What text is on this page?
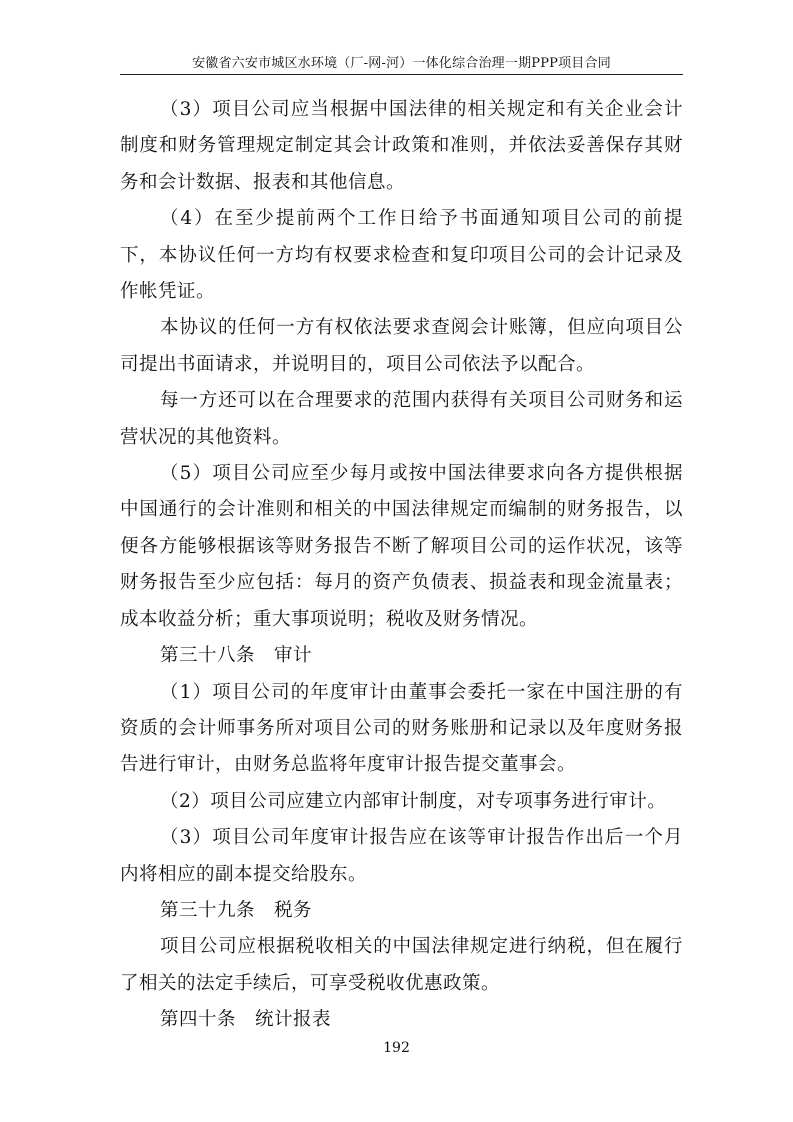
安徽省六安市城区水环境（厂-网-河）一体化综合治理一期PPP项目合同

（3）项目公司应当根据中国法律的相关规定和有关企业会计制度和财务管理规定制定其会计政策和准则，并依法妥善保存其财务和会计数据、报表和其他信息。

（4）在至少提前两个工作日给予书面通知项目公司的前提下，本协议任何一方均有权要求检查和复印项目公司的会计记录及作帐凭证。

本协议的任何一方有权依法要求查阅会计账簿，但应向项目公司提出书面请求，并说明目的，项目公司依法予以配合。

每一方还可以在合理要求的范围内获得有关项目公司财务和运营状况的其他资料。

（5）项目公司应至少每月或按中国法律要求向各方提供根据中国通行的会计准则和相关的中国法律规定而编制的财务报告，以便各方能够根据该等财务报告不断了解项目公司的运作状况，该等财务报告至少应包括：每月的资产负债表、损益表和现金流量表；成本收益分析；重大事项说明；税收及财务情况。

第三十八条　审计

（1）项目公司的年度审计由董事会委托一家在中国注册的有资质的会计师事务所对项目公司的财务账册和记录以及年度财务报告进行审计，由财务总监将年度审计报告提交董事会。

（2）项目公司应建立内部审计制度，对专项事务进行审计。

（3）项目公司年度审计报告应在该等审计报告作出后一个月内将相应的副本提交给股东。

第三十九条　税务

项目公司应根据税收相关的中国法律规定进行纳税，但在履行了相关的法定手续后，可享受税收优惠政策。

第四十条　统计报表

192
